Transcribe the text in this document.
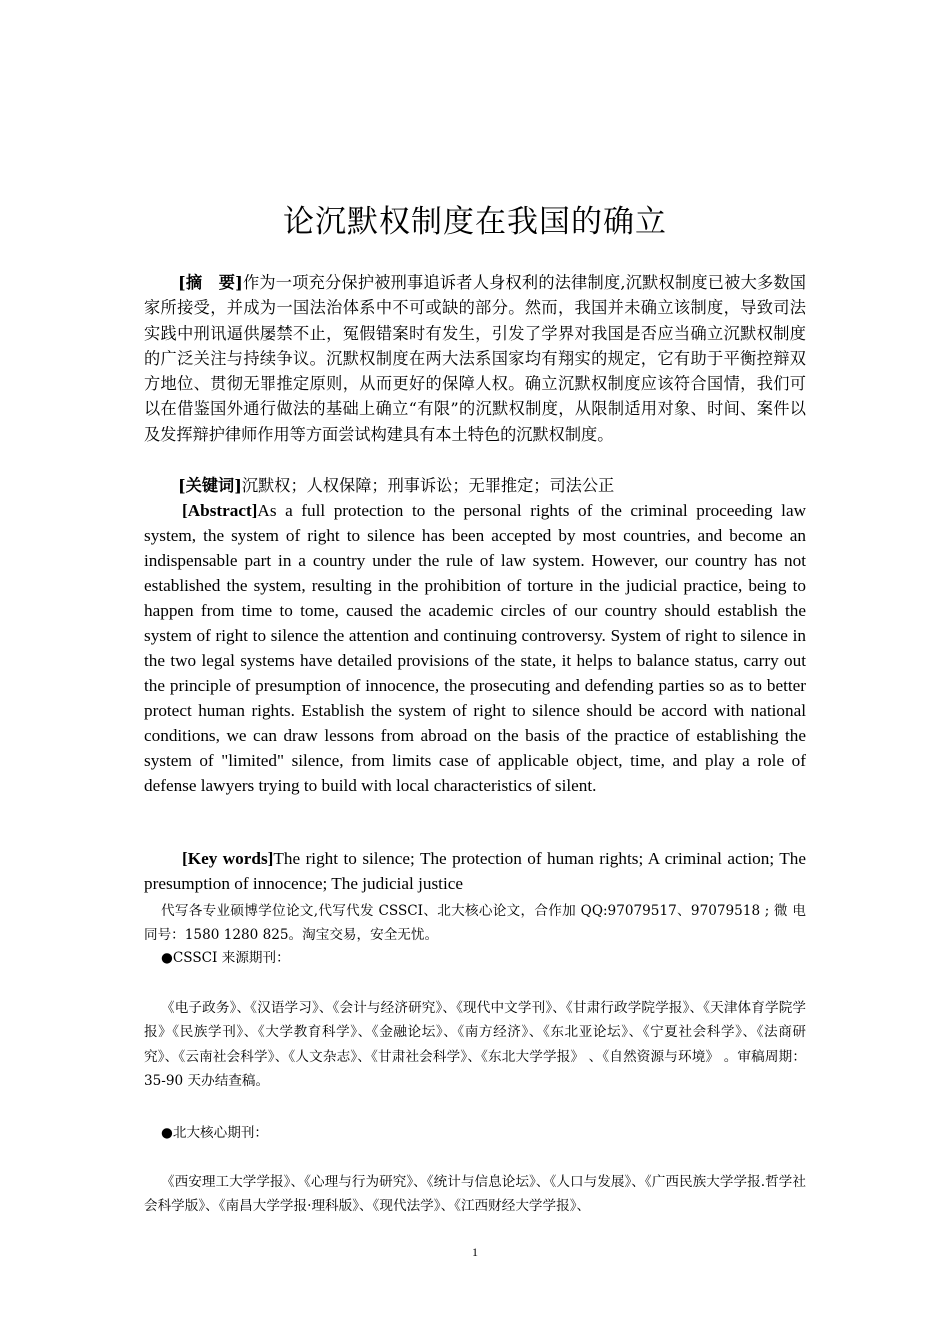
论沉默权制度在我国的确立
[摘　要]作为一项充分保护被刑事追诉者人身权利的法律制度,沉默权制度已被大多数国家所接受，并成为一国法治体系中不可或缺的部分。然而，我国并未确立该制度，导致司法实践中刑讯逼供屡禁不止，冤假错案时有发生，引发了学界对我国是否应当确立沉默权制度的广泛关注与持续争议。沉默权制度在两大法系国家均有翔实的规定，它有助于平衡控辩双方地位、贯彻无罪推定原则，从而更好的保障人权。确立沉默权制度应该符合国情，我们可以在借鉴国外通行做法的基础上确立“有限”的沉默权制度，从限制适用对象、时间、案件以及发挥辩护律师作用等方面尝试构建具有本土特色的沉默权制度。
[关键词]沉默权；人权保障；刑事诉讼；无罪推定；司法公正
[Abstract]As a full protection to the personal rights of the criminal proceeding law system, the system of right to silence has been accepted by most countries, and become an indispensable part in a country under the rule of law system. However, our country has not established the system, resulting in the prohibition of torture in the judicial practice, being to happen from time to tome, caused the academic circles of our country should establish the system of right to silence the attention and continuing controversy. System of right to silence in the two legal systems have detailed provisions of the state, it helps to balance status, carry out the principle of presumption of innocence, the prosecuting and defending parties so as to better protect human rights. Establish the system of right to silence should be accord with national conditions, we can draw lessons from abroad on the basis of the practice of establishing the system of "limited" silence, from limits case of applicable object, time, and play a role of defense lawyers trying to build with local characteristics of silent.
[Key words]The right to silence; The protection of human rights; A criminal action; The presumption of innocence; The judicial justice
代写各专业硕博学位论文,代写代发 CSSCI、北大核心论文，合作加 QQ:97079517、97079518 ; 微 电同号：1580 1280 825。淘宝交易，安全无忧。
●CSSCI 来源期刊：
《电子政务》、《汉语学习》、《会计与经济研究》、《现代中文学刊》、《甘肃行政学院学报》、《天津体育学院学报》《民族学刊》、《大学教育科学》、《金融论坛》、《南方经济》、《东北亚论坛》、《宁夏社会科学》、《法商研究》、《云南社会科学》、《人文杂志》、《甘肃社会科学》、《东北大学学报》 、《自然资源与环境》 。审稿周期：35-90 天办结查稿。
●北大核心期刊：
《西安理工大学学报》、《心理与行为研究》、《统计与信息论坛》、《人口与发展》、《广西民族大学学报.哲学社会科学版》、《南昌大学学报·理科版》、《现代法学》、《江西财经大学学报》、
1
